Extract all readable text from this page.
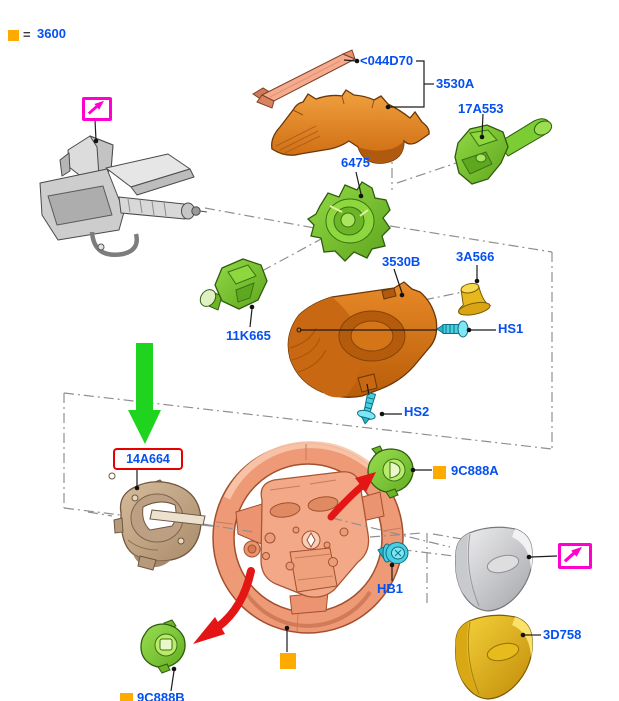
= 3600
<044D70
3530A
17A553
6475
3530B	3A566
HS1
11K665
HS2
14A664
9C888A
HB1
3D758
9C888B
